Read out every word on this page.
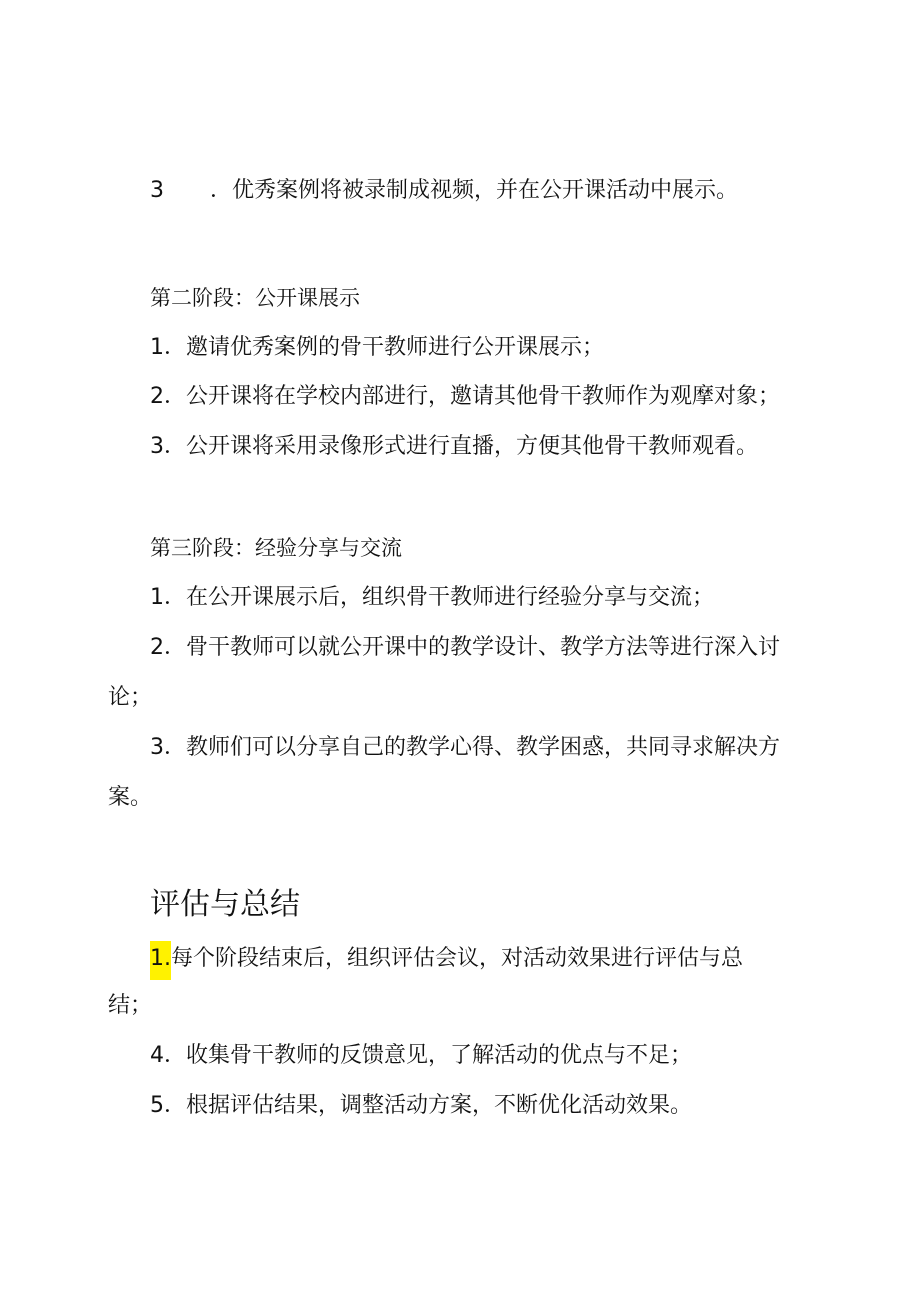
3 ．优秀案例将被录制成视频，并在公开课活动中展示。
第二阶段：公开课展示
1．邀请优秀案例的骨干教师进行公开课展示；
2．公开课将在学校内部进行，邀请其他骨干教师作为观摩对象；
3．公开课将采用录像形式进行直播，方便其他骨干教师观看。
第三阶段：经验分享与交流
1．在公开课展示后，组织骨干教师进行经验分享与交流；
2．骨干教师可以就公开课中的教学设计、教学方法等进行深入讨
论；
3．教师们可以分享自己的教学心得、教学困惑，共同寻求解决方
案。
评估与总结
1.每个阶段结束后，组织评估会议，对活动效果进行评估与总
结；
4．收集骨干教师的反馈意见，了解活动的优点与不足；
5．根据评估结果，调整活动方案，不断优化活动效果。
